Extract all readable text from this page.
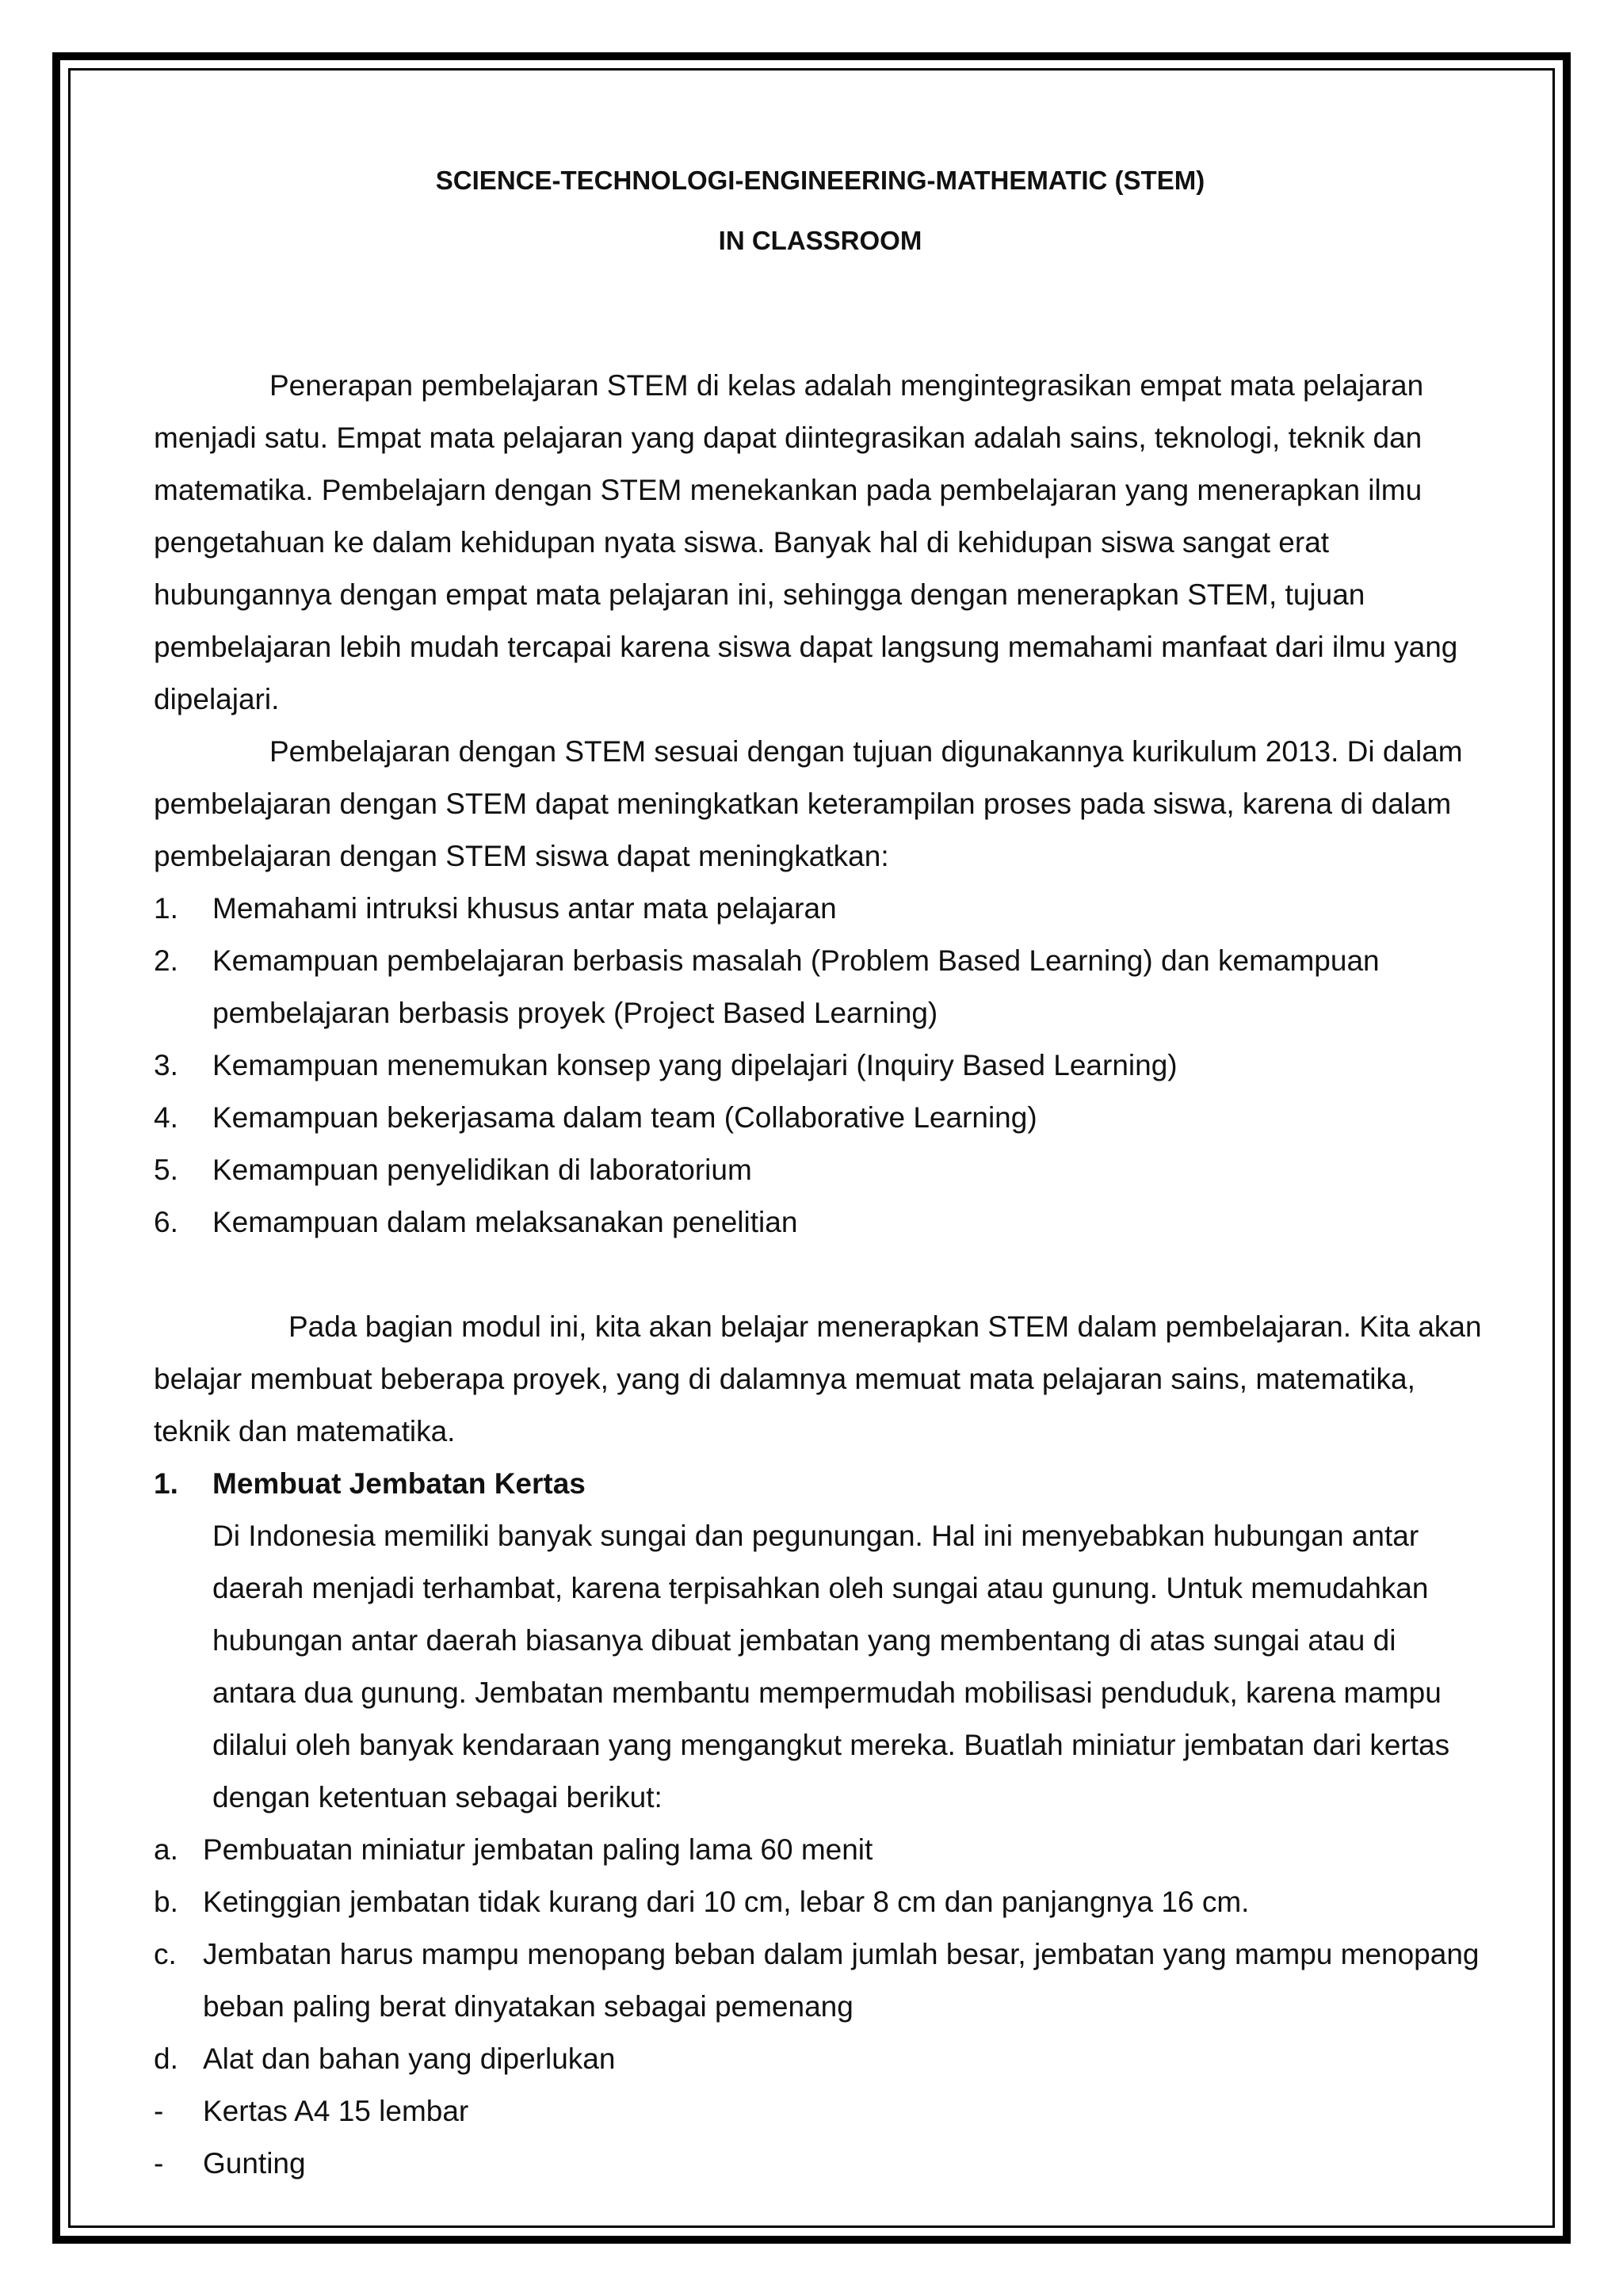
SCIENCE-TECHNOLOGI-ENGINEERING-MATHEMATIC (STEM)
IN CLASSROOM

Penerapan pembelajaran STEM di kelas adalah mengintegrasikan empat mata pelajaran menjadi satu. Empat mata pelajaran yang dapat diintegrasikan adalah sains, teknologi, teknik dan matematika. Pembelajarn dengan STEM menekankan pada pembelajaran yang menerapkan ilmu pengetahuan ke dalam kehidupan nyata siswa. Banyak hal di kehidupan siswa sangat erat hubungannya dengan empat mata pelajaran ini, sehingga dengan menerapkan STEM, tujuan pembelajaran lebih mudah tercapai karena siswa dapat langsung memahami manfaat dari ilmu yang dipelajari.

Pembelajaran dengan STEM sesuai dengan tujuan digunakannya kurikulum 2013. Di dalam pembelajaran dengan STEM dapat meningkatkan keterampilan proses pada siswa, karena di dalam pembelajaran dengan STEM siswa dapat meningkatkan:

1.	Memahami intruksi khusus antar mata pelajaran
2.	Kemampuan pembelajaran berbasis masalah (Problem Based Learning) dan kemampuan pembelajaran berbasis proyek (Project Based Learning)
3.	Kemampuan menemukan konsep yang dipelajari (Inquiry Based Learning)
4.	Kemampuan bekerjasama dalam team (Collaborative Learning)
5.	Kemampuan penyelidikan di laboratorium
6.	Kemampuan dalam melaksanakan penelitian

Pada bagian modul ini, kita akan belajar menerapkan STEM dalam pembelajaran. Kita akan belajar membuat beberapa proyek, yang di dalamnya memuat mata pelajaran sains, matematika, teknik dan matematika.

1.	Membuat Jembatan Kertas

Di Indonesia memiliki banyak sungai dan pegunungan. Hal ini menyebabkan hubungan antar daerah menjadi terhambat, karena terpisahkan oleh sungai atau gunung. Untuk memudahkan hubungan antar daerah biasanya dibuat jembatan yang membentang di atas sungai atau di antara dua gunung. Jembatan membantu mempermudah mobilisasi penduduk, karena mampu dilalui oleh banyak kendaraan yang mengangkut mereka. Buatlah miniatur jembatan dari kertas dengan ketentuan sebagai berikut:

a. Pembuatan miniatur jembatan paling lama 60 menit
b. Ketinggian jembatan tidak kurang dari 10 cm, lebar 8 cm dan panjangnya 16 cm.
c. Jembatan harus mampu menopang beban dalam jumlah besar, jembatan yang mampu menopang beban paling berat dinyatakan sebagai pemenang
d. Alat dan bahan yang diperlukan
-	Kertas A4 15 lembar
-	Gunting
